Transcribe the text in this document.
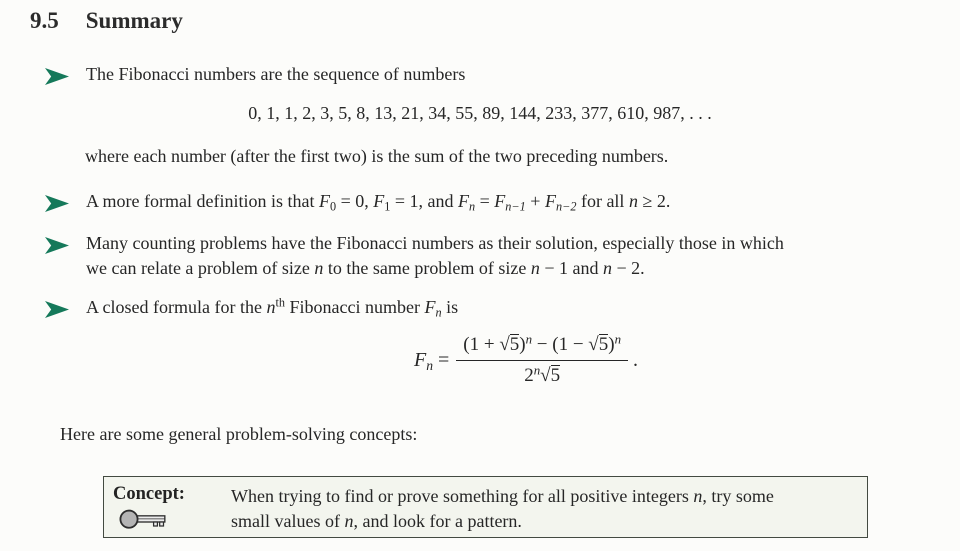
9.5 Summary
The Fibonacci numbers are the sequence of numbers
0, 1, 1, 2, 3, 5, 8, 13, 21, 34, 55, 89, 144, 233, 377, 610, 987, . . .
where each number (after the first two) is the sum of the two preceding numbers.
A more formal definition is that $F_0 = 0$, $F_1 = 1$, and $F_n = F_{n-1} + F_{n-2}$ for all n ≥ 2.
Many counting problems have the Fibonacci numbers as their solution, especially those in which
we can relate a problem of size n to the same problem of size n − 1 and n − 2.
A closed formula for the $n^{th}$ Fibonacci number $F_n$ is
$F_n = \frac{(1 + √5)^n - (1 - √5)^n}{2^n√5}$ .
Here are some general problem-solving concepts:
Concept:	When trying to find or prove something for all positive integers n, try some
small values of n, and look for a pattern.
